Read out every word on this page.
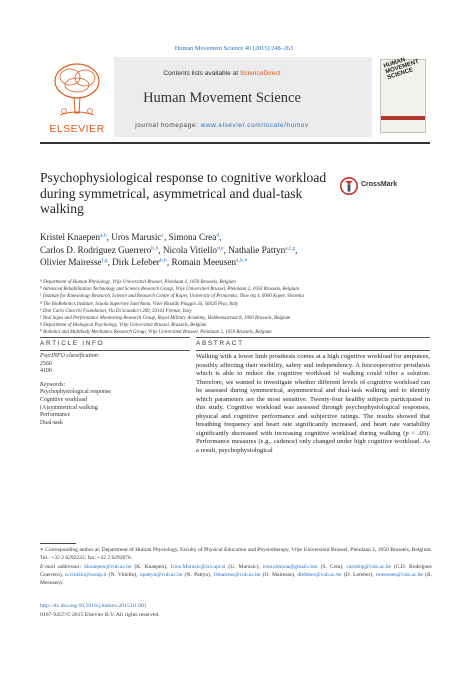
Human Movement Science 40 (2015) 248–263
ELSEVIER
Contents lists available at ScienceDirect
Human Movement Science
journal homepage: www.elsevier.com/locate/humov
HUMAN MOVEMENT SCIENCE
Psychophysiological response to cognitive workload during symmetrical, asymmetrical and dual-task walking
CrossMark
Kristel Knaepen$^{a,b}$, Uros Marusic$^c$, Simona Crea$^d$,
Carlos D. Rodríguez Guerrero$^{b,h}$, Nicola Vitiello$^{d,e}$, Nathalie Pattyn$^{a,f,g}$,
Olivier Mairesse$^{f,g}$, Dirk Lefeber$^{b,h}$, Romain Meeusen$^{a,b,∗}$
$^a$ Department of Human Physiology, Vrije Universiteit Brussel, Pleinlaan 2, 1050 Brussels, Belgium
$^b$ Advanced Rehabilitation Technology and Science Research Group, Vrije Universiteit Brussel, Pleinlaan 2, 1050 Brussels, Belgium
$^c$ Institute for Kinesiology Research, Science and Research Centre of Koper, University of Primorska, Titov trg 4, 6000 Koper, Slovenia
$^d$ The BioRobotics Institute, Scuola Superiore Sant'Anna, Viale Rinaldo Piaggio 34, 56026 Pisa, Italy
$^e$ Don Carlo Gnocchi Foundation, Via Di Scandicci 269, 50143 Firenze, Italy
$^f$ Vital Signs and Performance Monitoring Research Group, Royal Military Academy, Hobbemastraat 8, 1000 Brussels, Belgium
$^g$ Department of Biological Psychology, Vrije Universiteit Brussel, Brussels, Belgium
$^h$ Robotics and Multibody Mechanics Research Group, Vrije Universiteit Brussel, Pleinlaan 2, 1050 Brussels, Belgium
ARTICLE INFO	ABSTRACT
PsycINFO classification:
2560
4100
Keywords:
Psychophysiological response
Cognitive workload
(A)symmetrical walking
Performance
Dual-task
Walking with a lower limb prosthesis comes at a high cognitive workload for amputees, possibly affecting their mobility, safety and independency. A biocooperative prosthesis which is able to reduce the cognitive workload of walking could offer a solution. Therefore, we wanted to investigate whether different levels of cognitive workload can be assessed during symmetrical, asymmetrical and dual-task walking and to identify which parameters are the most sensitive. Twenty-four healthy subjects participated in this study. Cognitive workload was assessed through psychophysiological responses, physical and cognitive performance and subjective ratings. The results showed that breathing frequency and heart rate significantly increased, and heart rate variability significantly decreased with increasing cognitive workload during walking (p < .05). Performance measures (e.g., cadence) only changed under high cognitive workload. As a result, psychophysiological
∗ Corresponding author at: Department of Human Physiology, Faculty of Physical Education and Physiotherapy, Vrije Universiteit Brussel, Pleinlaan 2, 1050 Brussels, Belgium. Tel.: +32 2 6292222; fax: +32 2 6292876.
E-mail addresses: kknaepen@vub.ac.be (K. Knaepen), Uros.Marusic@zrs.upr.si (U. Marusic), crea.simona@gmail.com (S. Crea), carodrig@vub.ac.be (C.D. Rodríguez Guerrero), n.vitiello@sssup.it (N. Vitiello), npattyn@vub.ac.be (N. Pattyn), Omairess@vub.ac.be (O. Mairesse), dlefeber@vub.ac.be (D. Lefeber), rmeeusen@vub.ac.be (R. Meeusen).
http://dx.doi.org/10.1016/j.humov.2015.01.001
0167-9457/© 2015 Elsevier B.V. All rights reserved.
